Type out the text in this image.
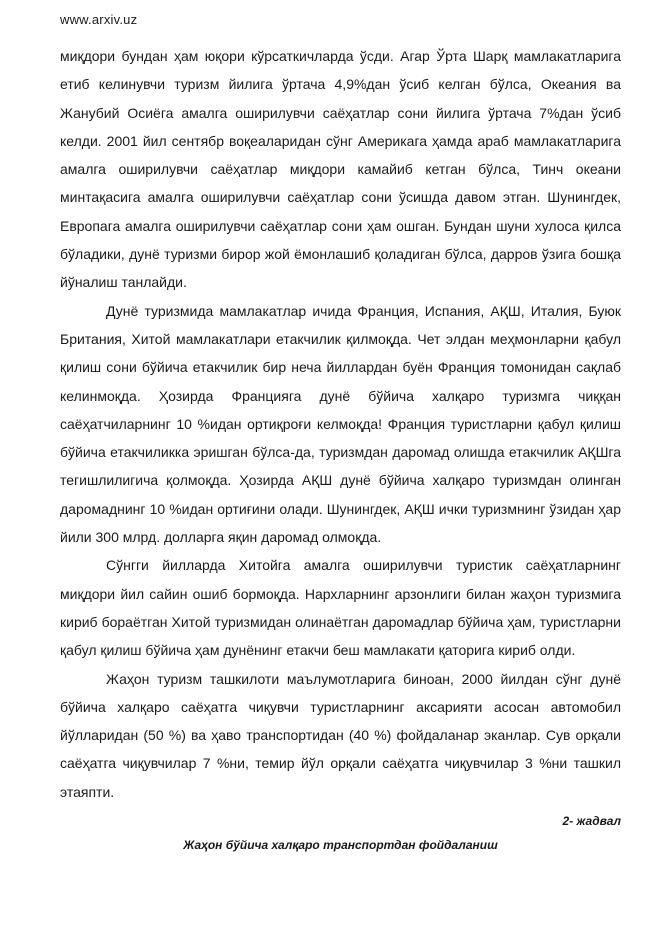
www.arxiv.uz

миқдори бундан ҳам юқори кўрсаткичларда ўсди. Агар Ўрта Шарқ мамлакатларига етиб келинувчи туризм йилига ўртача 4,9%дан ўсиб келган бўлса, Океания ва Жанубий Осиёга амалга оширилувчи саёҳатлар сони йилига ўртача 7%дан ўсиб келди. 2001 йил сентябр воқеаларидан сўнг Америкага ҳамда араб мамлакатларига амалга оширилувчи саёҳатлар миқдори камайиб кетган бўлса, Тинч океани минтақасига амалга оширилувчи саёҳатлар сони ўсишда давом этган. Шунингдек, Европага амалга оширилувчи саёҳатлар сони ҳам ошган. Бундан шуни хулоса қилса бўладики, дунё туризми бирор жой ёмонлашиб қоладиган бўлса, дарров ўзига бошқа йўналиш танлайди.

Дунё туризмида мамлакатлар ичида Франция, Испания, АҚШ, Италия, Буюк Британия, Хитой мамлакатлари етакчилик қилмоқда. Чет элдан меҳмонларни қабул қилиш сони бўйича етакчилик бир неча йиллардан буён Франция томонидан сақлаб келинмоқда. Ҳозирда Францияга дунё бўйича халқаро туризмга чиққан саёҳатчиларнинг 10 %идан ортиқроғи келмоқда! Франция туристларни қабул қилиш бўйича етакчиликка эришган бўлса-да, туризмдан даромад олишда етакчилик АҚШга тегишлилигича қолмоқда. Ҳозирда АҚШ дунё бўйича халқаро туризмдан олинган даромаднинг 10 %идан ортиғини олади. Шунингдек, АҚШ ички туризмнинг ўзидан ҳар йили 300 млрд. долларга яқин даромад олмоқда.

Сўнгги йилларда Хитойга амалга оширилувчи туристик саёҳатларнинг миқдори йил сайин ошиб бормоқда. Нархларнинг арзонлиги билан жаҳон туризмига кириб бораётган Хитой туризмидан олинаётган даромадлар бўйича ҳам, туристларни қабул қилиш бўйича ҳам дунёнинг етакчи беш мамлакати қаторига кириб олди.

Жаҳон туризм ташкилоти маълумотларига биноан, 2000 йилдан сўнг дунё бўйича халқаро саёҳатга чиқувчи туристларнинг аксарияти асосан автомобил йўлларидан (50 %) ва ҳаво транспортидан (40 %) фойдаланар эканлар. Сув орқали саёҳатга чиқувчилар 7 %ни, темир йўл орқали саёҳатга чиқувчилар 3 %ни ташкил этаяпти.

2- жадвал
Жаҳон бўйича халқаро транспортдан фойдаланиш
